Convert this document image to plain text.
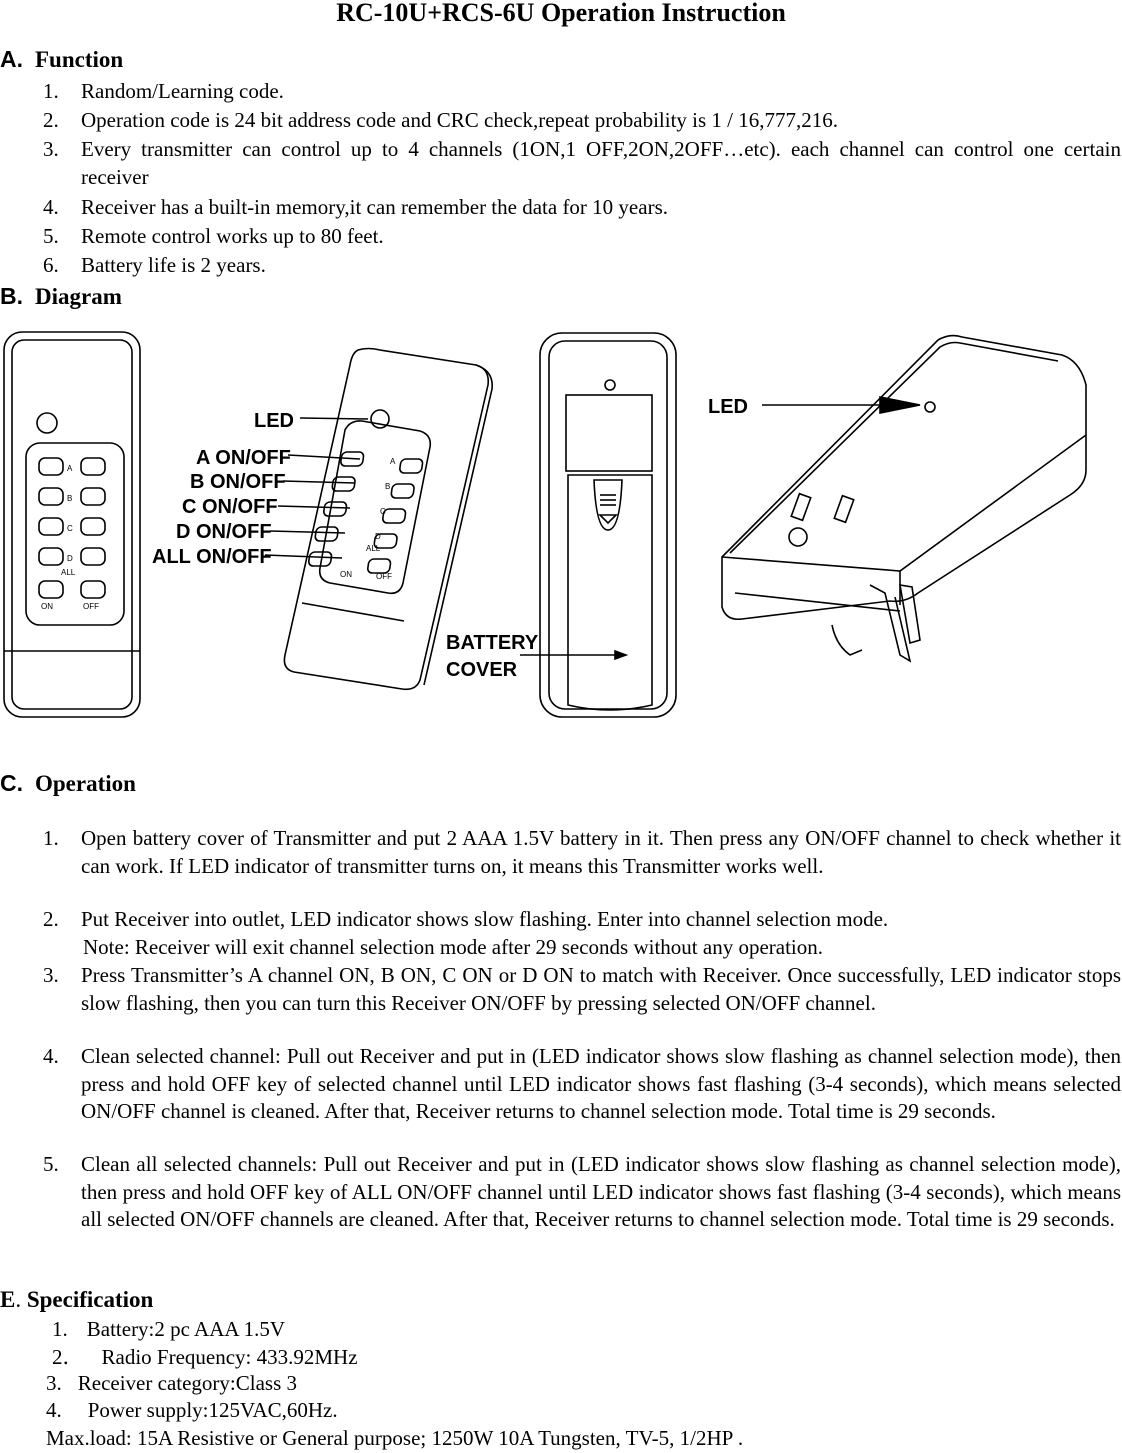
RC-10U+RCS-6U Operation Instruction
A. Function
1. Random/Learning code.
2. Operation code is 24 bit address code and CRC check,repeat probability is 1 / 16,777,216.
3. Every transmitter can control up to 4 channels (1ON,1 OFF,2ON,2OFF…etc). each channel can control one certain receiver
4. Receiver has a built-in memory,it can remember the data for 10 years.
5. Remote control works up to 80 feet.
6. Battery life is 2 years.
B. Diagram
A
B
C
D
ALL
ON	OFF
A
B
C
D
ALL
ON	OFF
LED
A ON/OFF
B ON/OFF
C ON/OFF
D ON/OFF
ALL ON/OFF
BATTERY
COVER
LED
C. Operation
1. Open battery cover of Transmitter and put 2 AAA 1.5V battery in it. Then press any ON/OFF channel to check whether it can work. If LED indicator of transmitter turns on, it means this Transmitter works well.
2. Put Receiver into outlet, LED indicator shows slow flashing. Enter into channel selection mode.
Note: Receiver will exit channel selection mode after 29 seconds without any operation.
3. Press Transmitter’s A channel ON, B ON, C ON or D ON to match with Receiver. Once successfully, LED indicator stops slow flashing, then you can turn this Receiver ON/OFF by pressing selected ON/OFF channel.
4. Clean selected channel: Pull out Receiver and put in (LED indicator shows slow flashing as channel selection mode), then press and hold OFF key of selected channel until LED indicator shows fast flashing (3-4 seconds), which means selected ON/OFF channel is cleaned. After that, Receiver returns to channel selection mode. Total time is 29 seconds.
5. Clean all selected channels: Pull out Receiver and put in (LED indicator shows slow flashing as channel selection mode), then press and hold OFF key of ALL ON/OFF channel until LED indicator shows fast flashing (3-4 seconds), which means all selected ON/OFF channels are cleaned. After that, Receiver returns to channel selection mode. Total time is 29 seconds.
E. Specification
1. Battery:2 pc AAA 1.5V
2． Radio Frequency: 433.92MHz
3. Receiver category:Class 3
4. Power supply:125VAC,60Hz.
Max.load: 15A Resistive or General purpose; 1250W 10A Tungsten, TV-5, 1/2HP .
